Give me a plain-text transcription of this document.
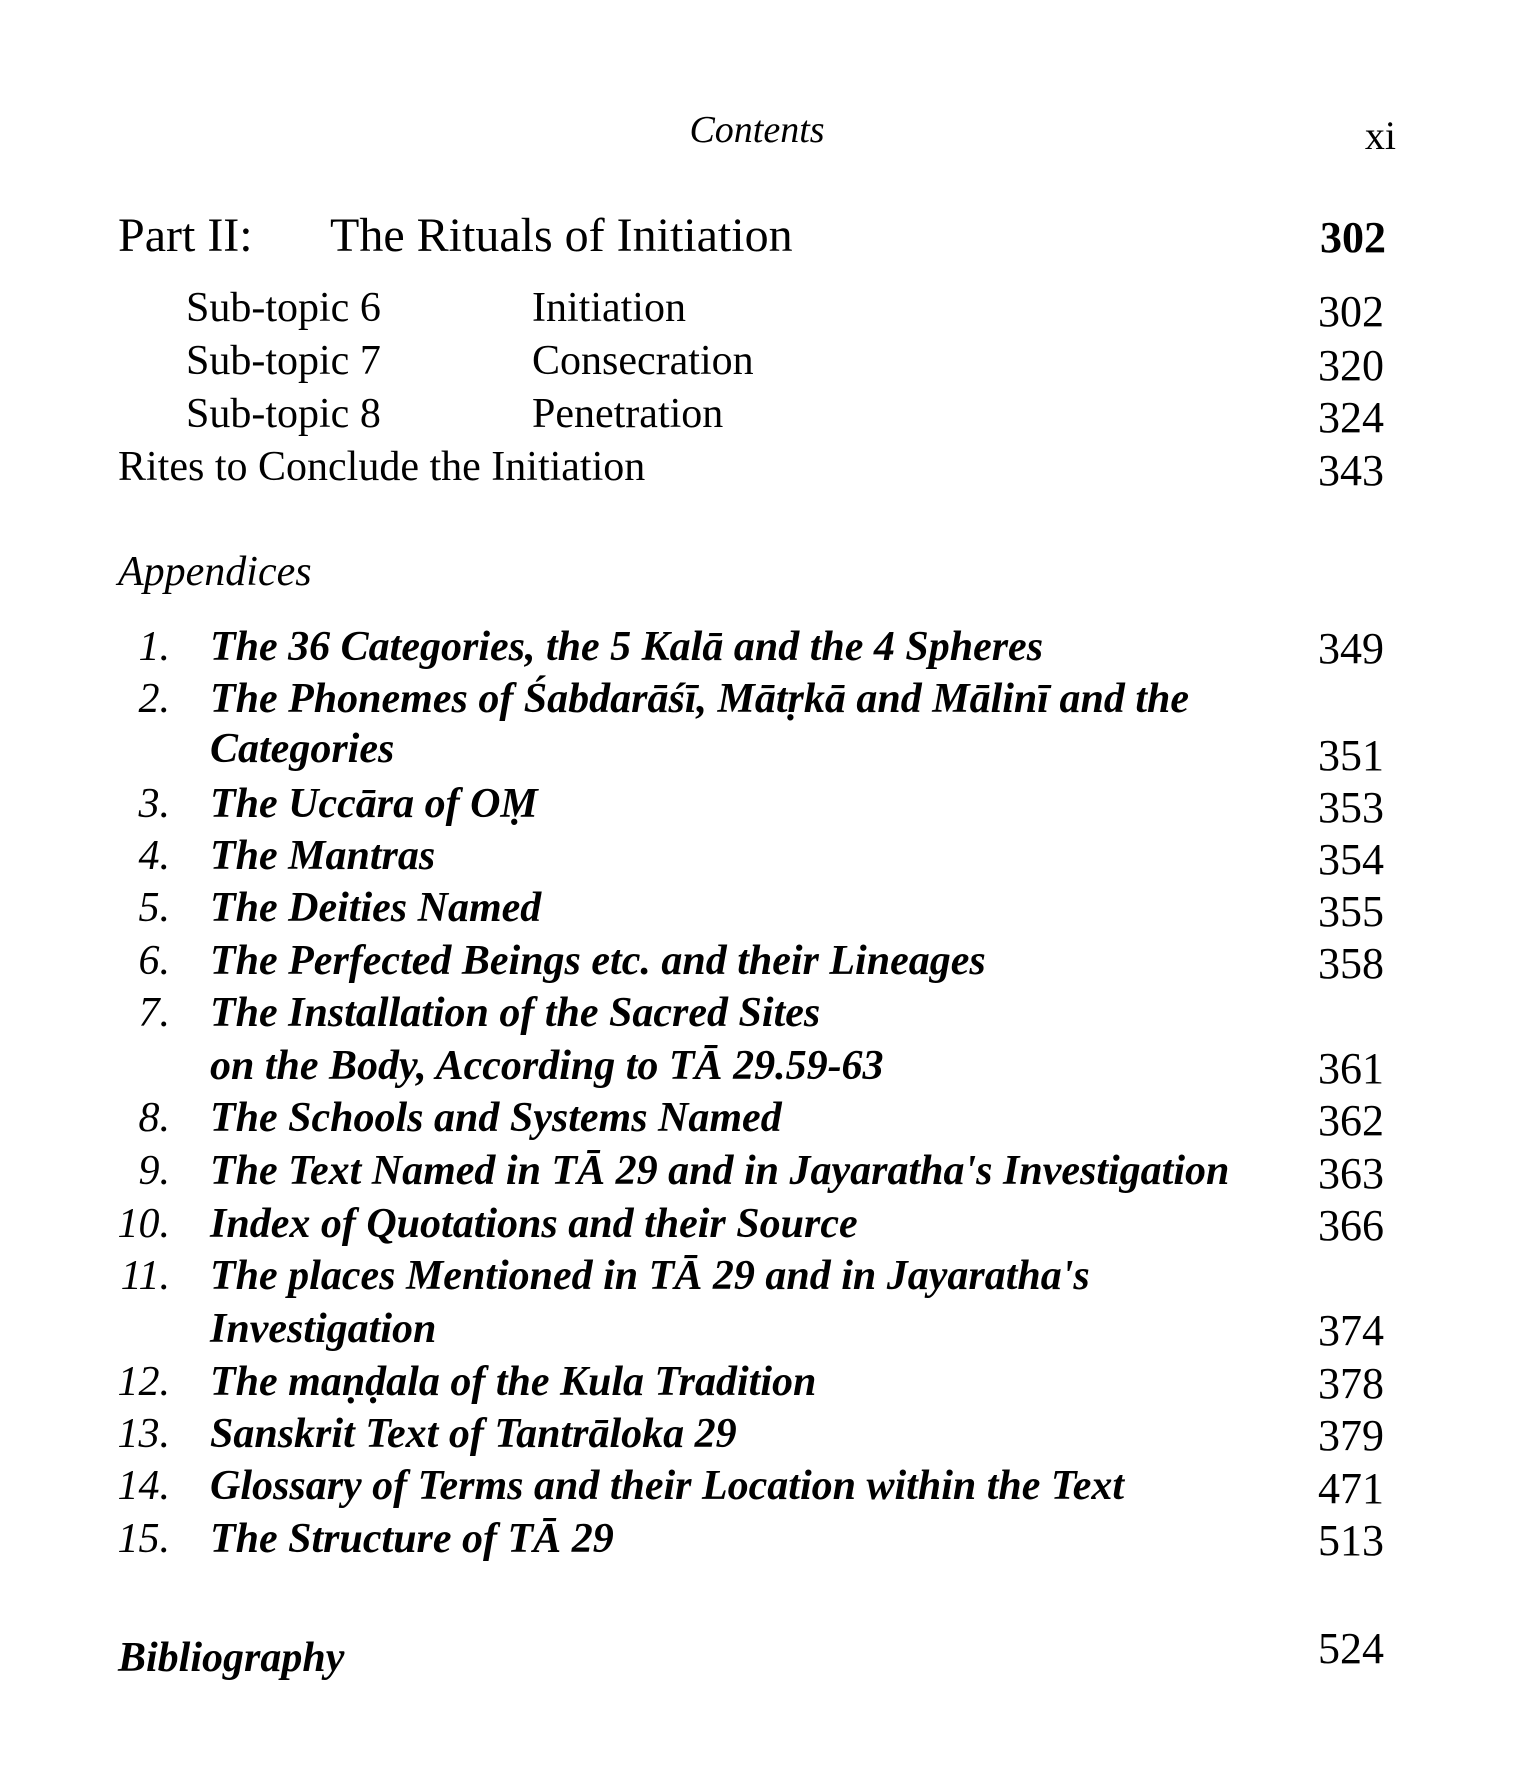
Contents	xi
Part II: The Rituals of Initiation	302
Sub-topic 6	Initiation	302
Sub-topic 7	Consecration	320
Sub-topic 8	Penetration	324
Rites to Conclude the Initiation	343
Appendices
1. The 36 Categories, the 5 Kalā and the 4 Spheres	349
2. The Phonemes of Śabdarāśī, Mātṛkā and Mālinī and the
Categories	351
3. The Uccāra of OṂ	353
4. The Mantras	354
5. The Deities Named	355
6. The Perfected Beings etc. and their Lineages	358
7. The Installation of the Sacred Sites
on the Body, According to TĀ 29.59-63	361
8. The Schools and Systems Named	362
9. The Text Named in TĀ 29 and in Jayaratha's Investigation 363
10. Index of Quotations and their Source	366
11. The places Mentioned in TĀ 29 and in Jayaratha's
Investigation	374
12. The maṇḍala of the Kula Tradition	378
13. Sanskrit Text of Tantrāloka 29	379
14. Glossary of Terms and their Location within the Text	471
15. The Structure of TĀ 29	513
Bibliography	524
